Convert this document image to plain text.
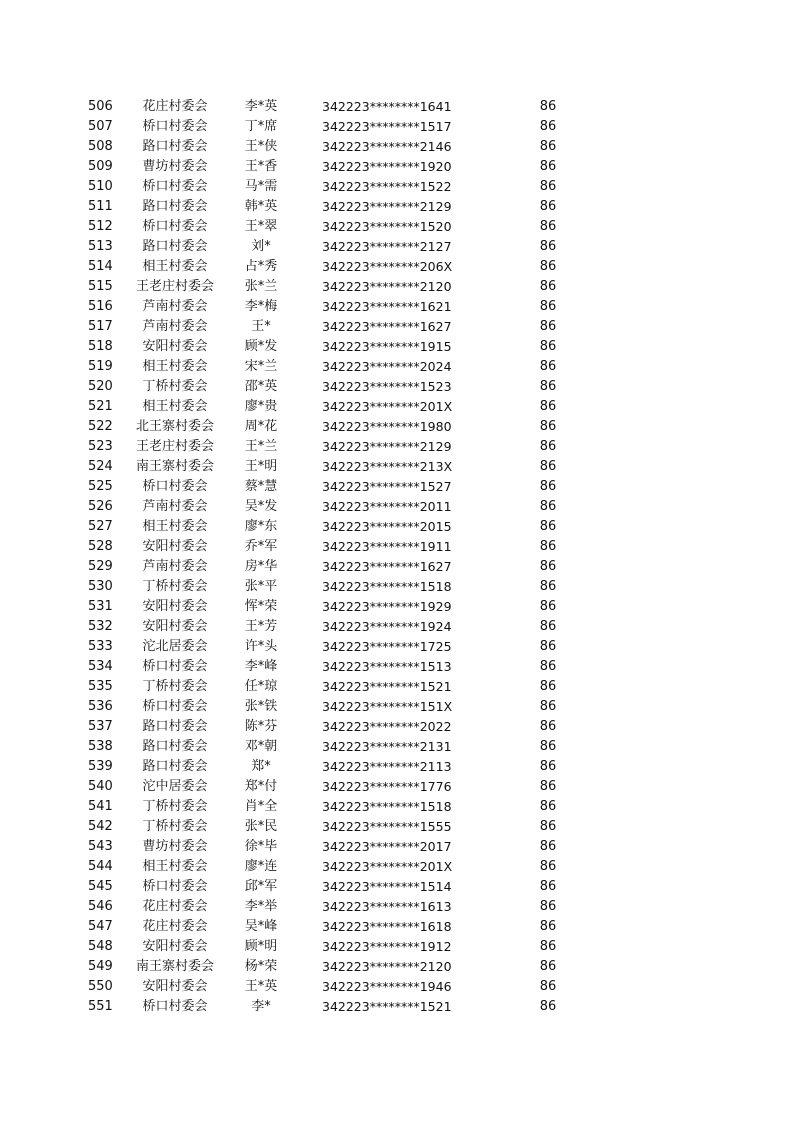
506	花庄村委会	李*英	342223********1641	86
507	桥口村委会	丁*席	342223********1517	86
508	路口村委会	王*侠	342223********2146	86
509	曹坊村委会	王*香	342223********1920	86
510	桥口村委会	马*需	342223********1522	86
511	路口村委会	韩*英	342223********2129	86
512	桥口村委会	王*翠	342223********1520	86
513	路口村委会	刘*	342223********2127	86
514	相王村委会	占*秀	342223********206X	86
515	王老庄村委会	张*兰	342223********2120	86
516	芦南村委会	李*梅	342223********1621	86
517	芦南村委会	王*	342223********1627	86
518	安阳村委会	顾*发	342223********1915	86
519	相王村委会	宋*兰	342223********2024	86
520	丁桥村委会	邵*英	342223********1523	86
521	相王村委会	廖*贵	342223********201X	86
522	北王寨村委会	周*花	342223********1980	86
523	王老庄村委会	王*兰	342223********2129	86
524	南王寨村委会	王*明	342223********213X	86
525	桥口村委会	蔡*慧	342223********1527	86
526	芦南村委会	吴*发	342223********2011	86
527	相王村委会	廖*东	342223********2015	86
528	安阳村委会	乔*军	342223********1911	86
529	芦南村委会	房*华	342223********1627	86
530	丁桥村委会	张*平	342223********1518	86
531	安阳村委会	恽*荣	342223********1929	86
532	安阳村委会	王*芳	342223********1924	86
533	沱北居委会	许*头	342223********1725	86
534	桥口村委会	李*峰	342223********1513	86
535	丁桥村委会	任*琼	342223********1521	86
536	桥口村委会	张*铁	342223********151X	86
537	路口村委会	陈*芬	342223********2022	86
538	路口村委会	邓*朝	342223********2131	86
539	路口村委会	郑*	342223********2113	86
540	沱中居委会	郑*付	342223********1776	86
541	丁桥村委会	肖*全	342223********1518	86
542	丁桥村委会	张*民	342223********1555	86
543	曹坊村委会	徐*毕	342223********2017	86
544	相王村委会	廖*连	342223********201X	86
545	桥口村委会	邱*军	342223********1514	86
546	花庄村委会	李*举	342223********1613	86
547	花庄村委会	吴*峰	342223********1618	86
548	安阳村委会	顾*明	342223********1912	86
549	南王寨村委会	杨*荣	342223********2120	86
550	安阳村委会	王*英	342223********1946	86
551	桥口村委会	李*	342223********1521	86
